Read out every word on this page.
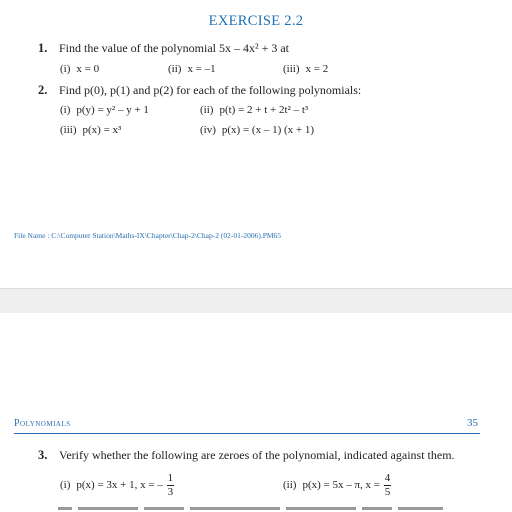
EXERCISE 2.2
1. Find the value of the polynomial 5x – 4x² + 3 at
(i) x = 0	(ii) x = –1	(iii) x = 2
2. Find p(0), p(1) and p(2) for each of the following polynomials:
(i) p(y) = y² – y + 1	(ii) p(t) = 2 + t + 2t² – t³
(iii) p(x) = x³	(iv) p(x) = (x – 1) (x + 1)
File Name : C:\Computer Station\Maths-IX\Chapter\Chap-2\Chap-2 (02-01-2006).PM65
Polynomials	35
3. Verify whether the following are zeroes of the polynomial, indicated against them.
(i) p(x) = 3x + 1, x = – $\frac{1}{3}$	(ii) p(x) = 5x – π, $x = \frac{4}{5}$
